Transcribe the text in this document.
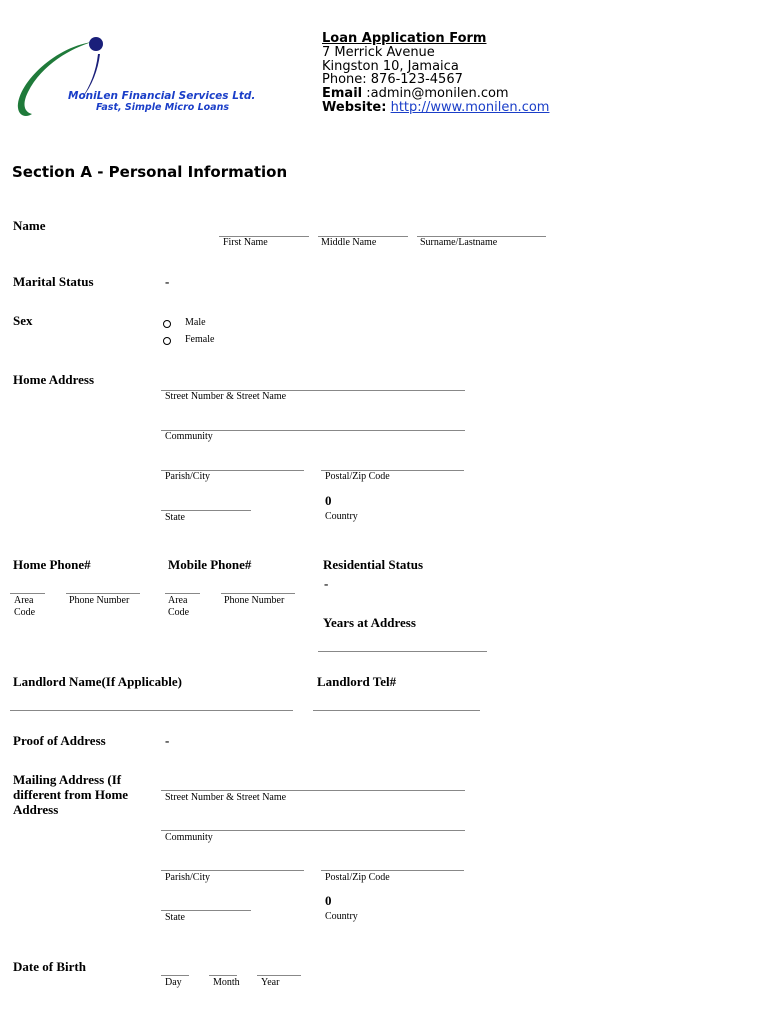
MoniLen Financial Services Ltd.
Fast, Simple Micro Loans
Loan Application Form
7 Merrick Avenue
Kingston 10, Jamaica
Phone: 876-123-4567
Email :admin@monilen.com
Website: http://www.monilen.com
Section A - Personal Information
Name
First Name	Middle Name	Surname/Lastname
Marital Status	-
Sex	Male
Female
Home Address
Street Number & Street Name
Community
Parish/City	Postal/Zip Code
0
Country
State
Home Phone#
Area
Code
Phone Number
Mobile Phone#
Area
Code
Phone Number
Residential Status
-
Years at Address
Landlord Name(If Applicable)	Landlord Tel#
Proof of Address	-
Mailing Address (If
different from Home
Address
Street Number & Street Name
Community
Parish/City	Postal/Zip Code
0
Country
State
Date of Birth
Day	Month Year
